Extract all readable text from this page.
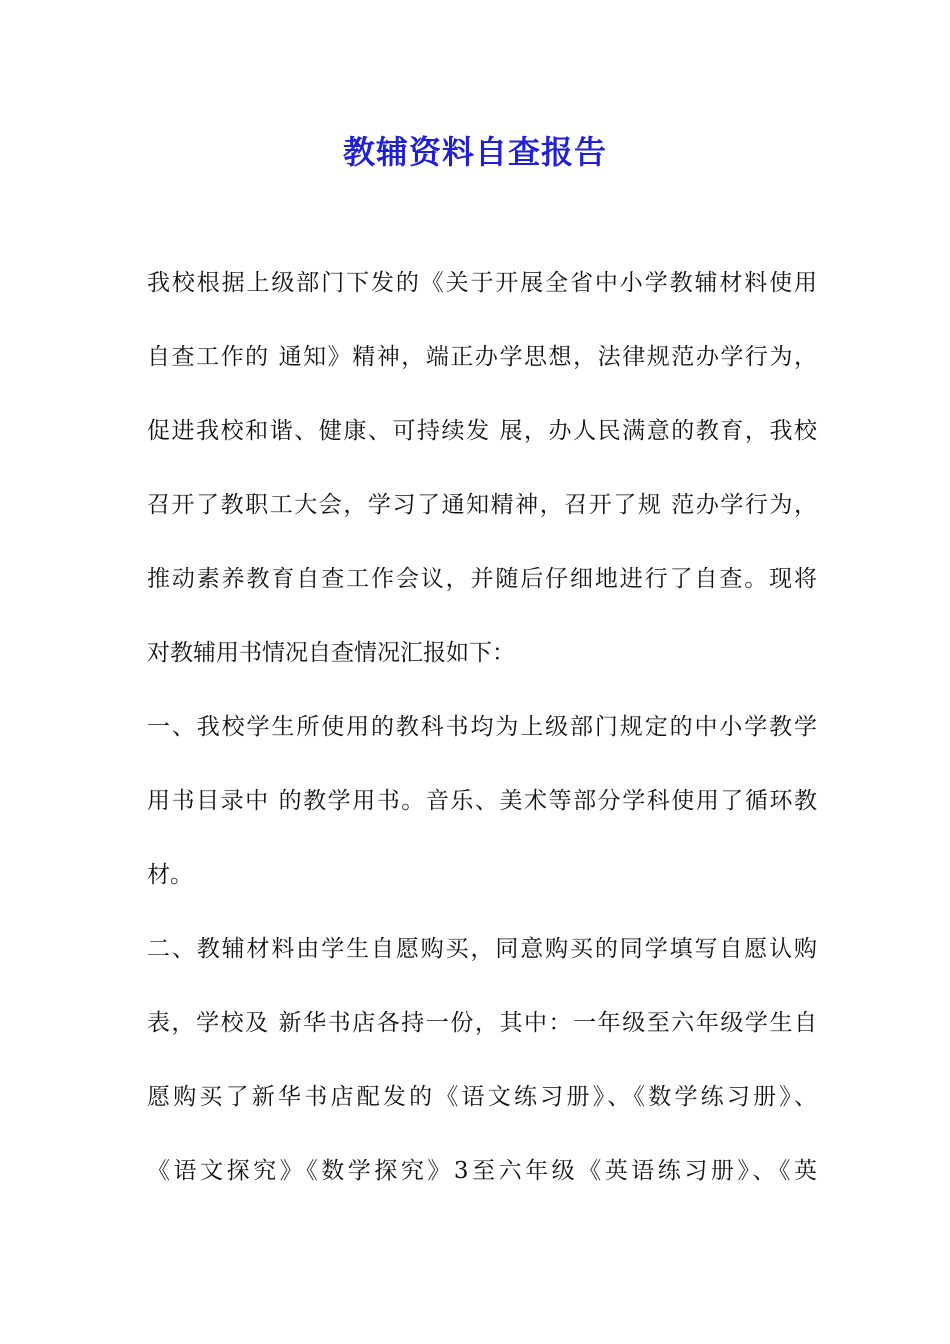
教辅资料自查报告
我校根据上级部门下发的《关于开展全省中小学教辅材料使用
自查工作的 通知》精神，端正办学思想，法律规范办学行为，
促进我校和谐、健康、可持续发 展，办人民满意的教育，我校
召开了教职工大会，学习了通知精神，召开了规 范办学行为，
推动素养教育自查工作会议，并随后仔细地进行了自查。现将
对教辅用书情况自查情况汇报如下：
一、我校学生所使用的教科书均为上级部门规定的中小学教学
用书目录中 的教学用书。音乐、美术等部分学科使用了循环教
材。
二、教辅材料由学生自愿购买，同意购买的同学填写自愿认购
表，学校及 新华书店各持一份，其中：一年级至六年级学生自
愿购买了新华书店配发的《语文练习册》、《数学练习册》、
《语文探究》《数学探究》3至六年级《英语练习册》、《英
